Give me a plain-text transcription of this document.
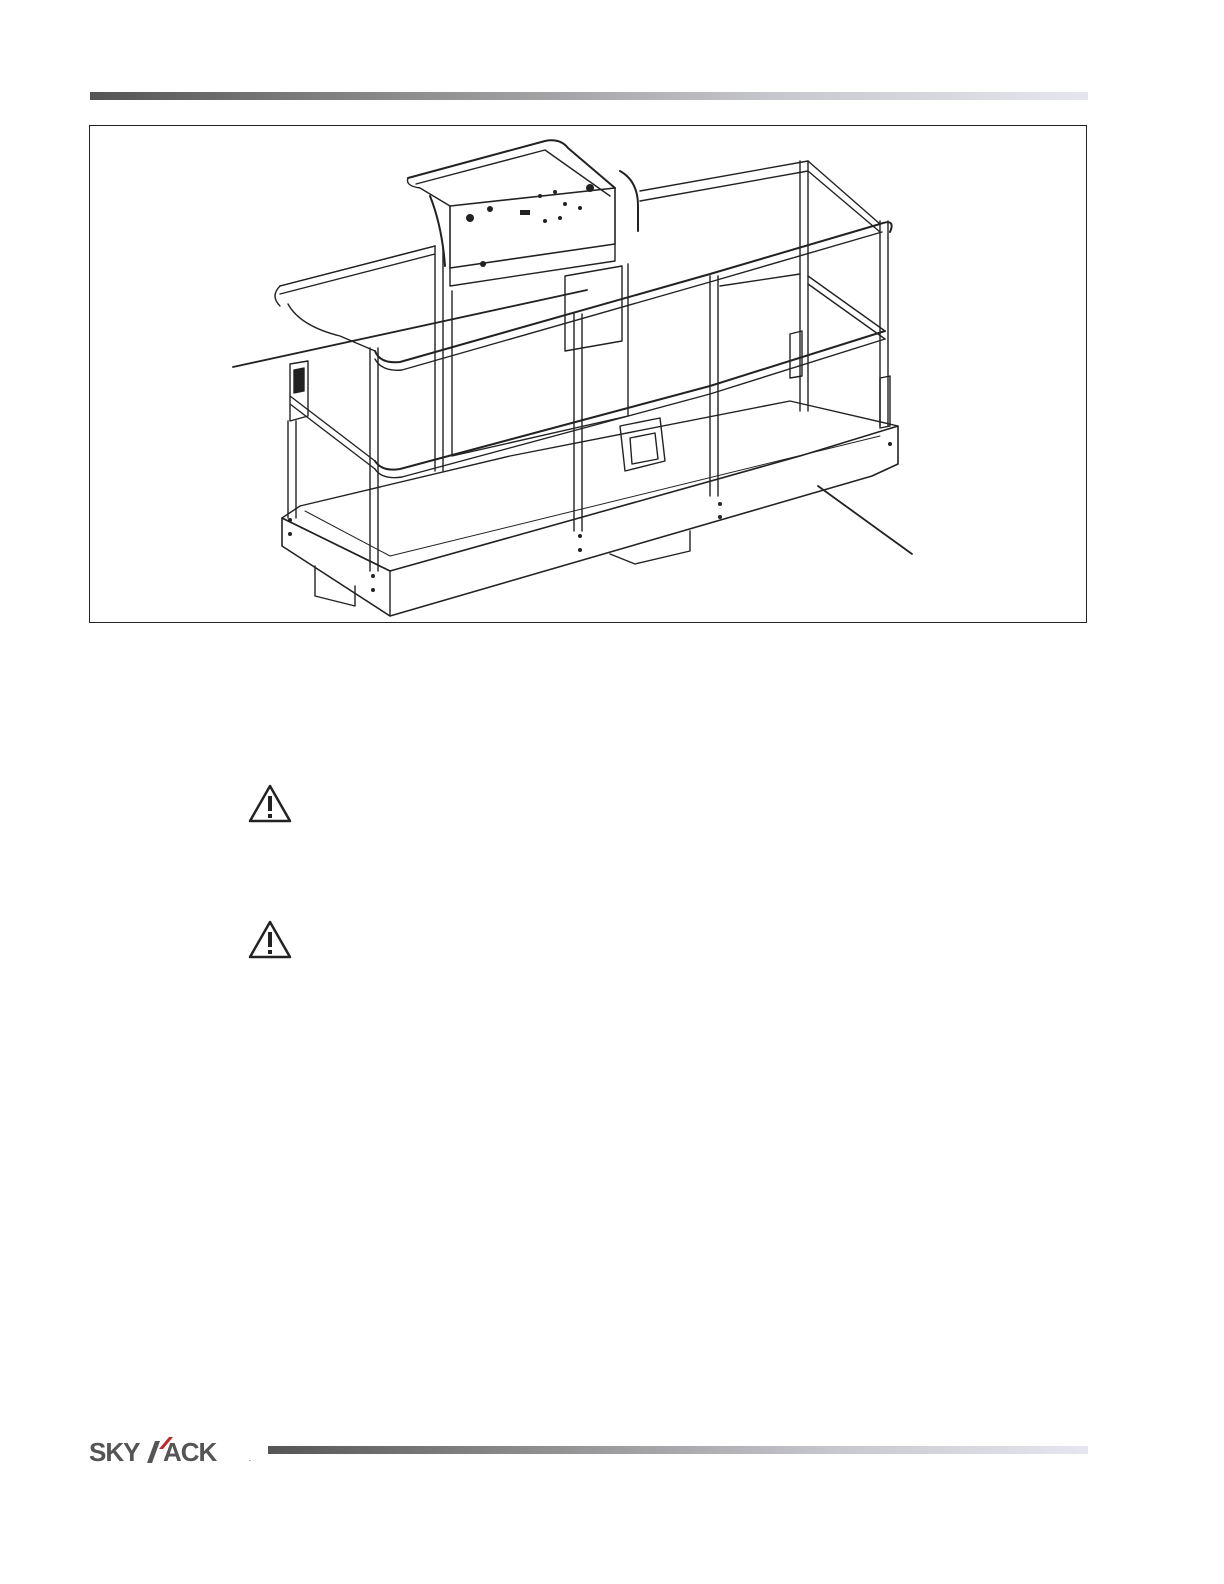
SKY ACK	.
